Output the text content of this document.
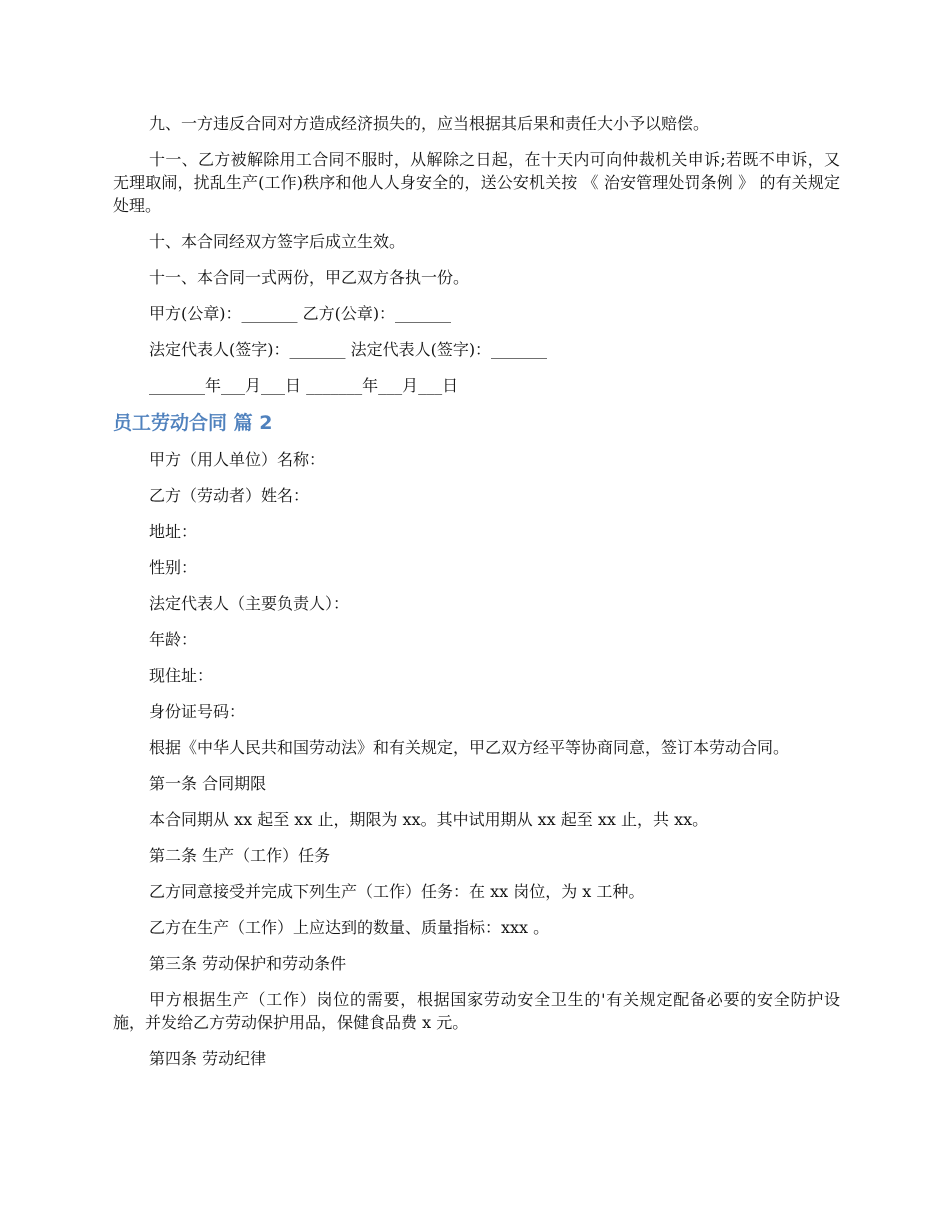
九、一方违反合同对方造成经济损失的，应当根据其后果和责任大小予以赔偿。

十一、乙方被解除用工合同不服时，从解除之日起，在十天内可向仲裁机关申诉;若既不申诉，又无理取闹，扰乱生产(工作)秩序和他人人身安全的，送公安机关按 《 治安管理处罚条例 》 的有关规定处理。

十、本合同经双方签字后成立生效。

十一、本合同一式两份，甲乙双方各执一份。

甲方(公章)：_______ 乙方(公章)：_______

法定代表人(签字)：_______ 法定代表人(签字)：_______

_______年___月___日 _______年___月___日

员工劳动合同 篇 2

甲方（用人单位）名称：

乙方（劳动者）姓名：

地址：

性别：

法定代表人（主要负责人）：

年龄：

现住址：

身份证号码：

根据《中华人民共和国劳动法》和有关规定，甲乙双方经平等协商同意，签订本劳动合同。

第一条 合同期限

本合同期从 xx 起至 xx 止，期限为 xx。其中试用期从 xx 起至 xx 止，共 xx。

第二条 生产（工作）任务

乙方同意接受并完成下列生产（工作）任务：在 xx 岗位，为 x 工种。

乙方在生产（工作）上应达到的数量、质量指标：xxx 。

第三条 劳动保护和劳动条件

甲方根据生产（工作）岗位的需要，根据国家劳动安全卫生的'有关规定配备必要的安全防护设施，并发给乙方劳动保护用品，保健食品费 x 元。

第四条 劳动纪律
